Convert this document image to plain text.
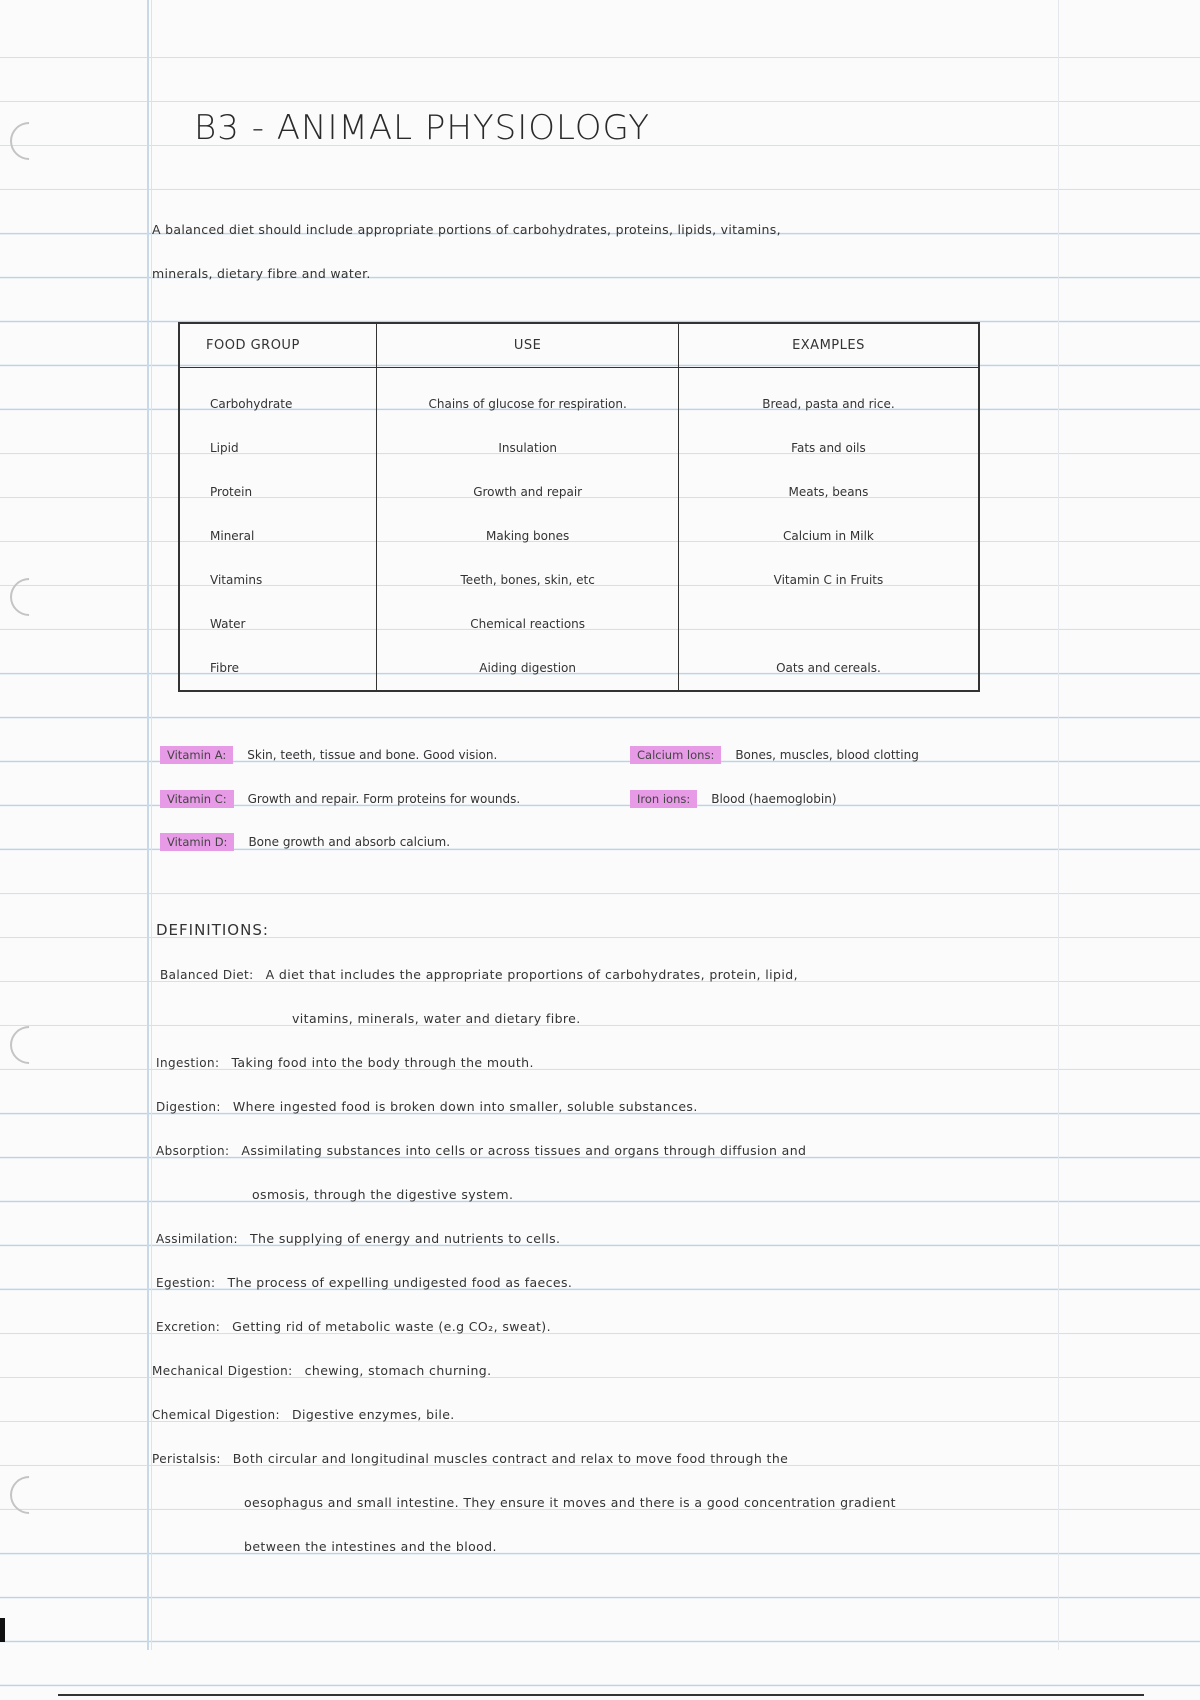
B3 - ANIMAL PHYSIOLOGY
A balanced diet should include appropriate portions of carbohydrates, proteins, lipids, vitamins,
minerals, dietary fibre and water.
FOOD GROUP	USE	EXAMPLES
Carbohydrate	Chains of glucose for respiration.	Bread, pasta and rice.
Lipid	Insulation	Fats and oils
Protein	Growth and repair	Meats, beans
Mineral	Making bones	Calcium in Milk
Vitamins	Teeth, bones, skin, etc	Vitamin C in Fruits
Water	Chemical reactions	
Fibre	Aiding digestion	Oats and cereals.
Vitamin A: Skin, teeth, tissue and bone. Good vision.
Vitamin C: Growth and repair. Form proteins for wounds.
Vitamin D: Bone growth and absorb calcium.
Calcium lons: Bones, muscles, blood clotting
Iron ions: Blood (haemoglobin)
DEFINITIONS:
Balanced Diet: A diet that includes the appropriate proportions of carbohydrates, protein, lipid,
vitamins, minerals, water and dietary fibre.
Ingestion: Taking food into the body through the mouth.
Digestion: Where ingested food is broken down into smaller, soluble substances.
Absorption: Assimilating substances into cells or across tissues and organs through diffusion and
osmosis, through the digestive system.
Assimilation: The supplying of energy and nutrients to cells.
Egestion: The process of expelling undigested food as faeces.
Excretion: Getting rid of metabolic waste (e.g CO₂, sweat).
Mechanical Digestion: chewing, stomach churning.
Chemical Digestion: Digestive enzymes, bile.
Peristalsis: Both circular and longitudinal muscles contract and relax to move food through the
oesophagus and small intestine. They ensure it moves and there is a good concentration gradient
between the intestines and the blood.
